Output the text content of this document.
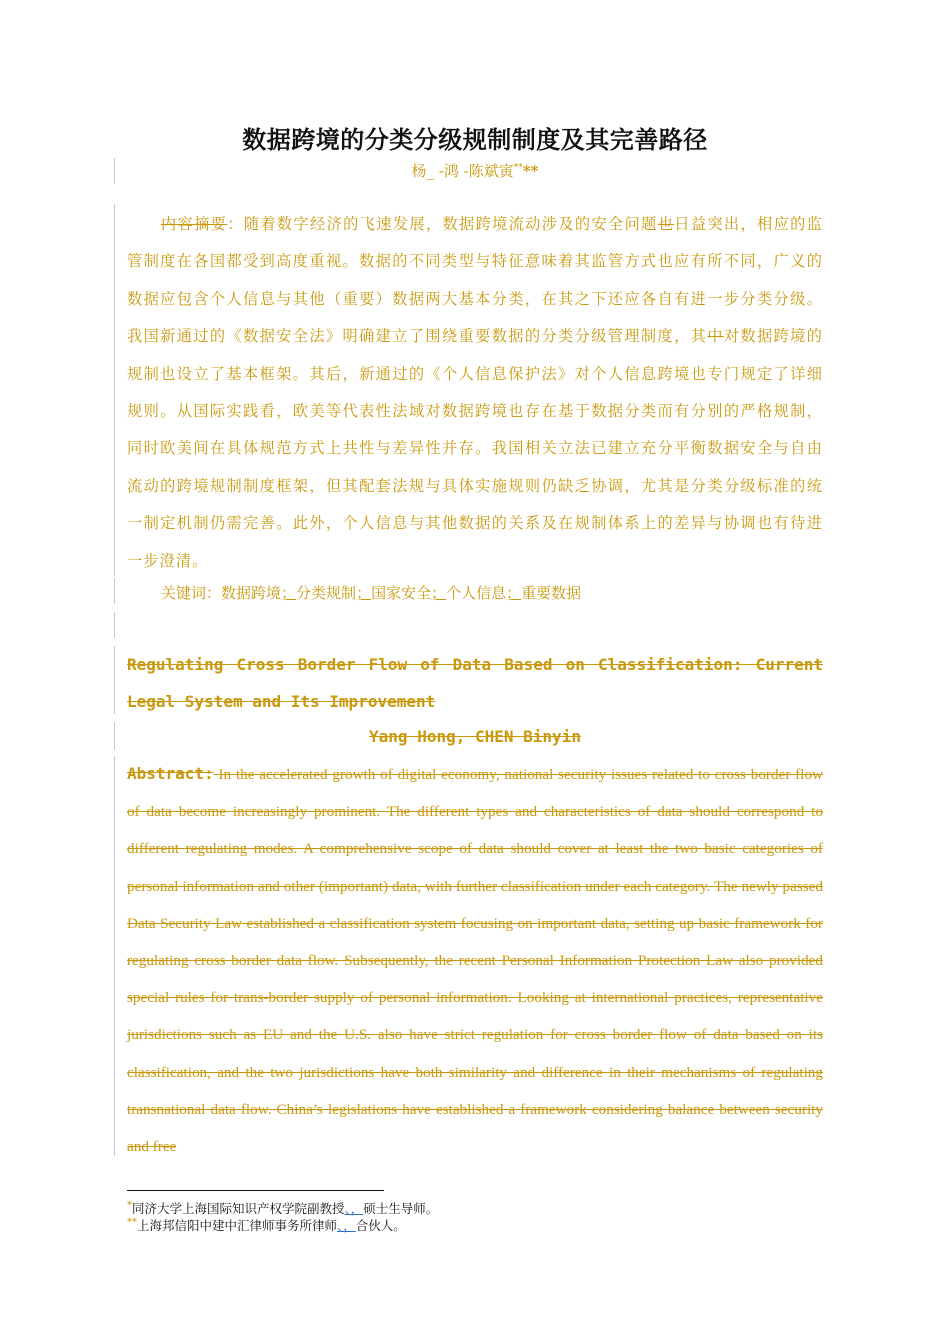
数据跨境的分类分级规制制度及其完善路径
杨_ -鸿 -陈斌寅****
内容摘要：随着数字经济的飞速发展，数据跨境流动涉及的安全问题也日益突出，相应的监管制度在各国都受到高度重视。数据的不同类型与特征意味着其监管方式也应有所不同，广义的数据应包含个人信息与其他（重要）数据两大基本分类，在其之下还应各自有进一步分类分级。我国新通过的《数据安全法》明确建立了围绕重要数据的分类分级管理制度，其中对数据跨境的规制也设立了基本框架。其后，新通过的《个人信息保护法》对个人信息跨境也专门规定了详细规则。从国际实践看，欧美等代表性法域对数据跨境也存在基于数据分类而有分别的严格规制，同时欧美间在具体规范方式上共性与差异性并存。我国相关立法已建立充分平衡数据安全与自由流动的跨境规制制度框架，但其配套法规与具体实施规则仍缺乏协调，尤其是分类分级标准的统一制定机制仍需完善。此外，个人信息与其他数据的关系及在规制体系上的差异与协调也有待进一步澄清。
关键词：数据跨境；分类规制；国家安全；个人信息；重要数据
Regulating Cross Border Flow of Data Based on Classification: Current Legal System and Its Improvement
Yang Hong, CHEN Binyin
Abstract: In the accelerated growth of digital economy, national security issues related to cross border flow of data become increasingly prominent. The different types and characteristics of data should correspond to different regulating modes. A comprehensive scope of data should cover at least the two basic categories of personal information and other (important) data, with further classification under each category. The newly passed Data Security Law established a classification system focusing on important data, setting up basic framework for regulating cross border data flow. Subsequently, the recent Personal Information Protection Law also provided special rules for trans-border supply of personal information. Looking at international practices, representative jurisdictions such as EU and the U.S. also have strict regulation for cross border flow of data based on its classification, and the two jurisdictions have both similarity and difference in their mechanisms of regulating transnational data flow. China’s legislations have established a framework considering balance between security and free
*同济大学上海国际知识产权学院副教授、，硕士生导师。
**上海邦信阳中建中汇律师事务所律师、，合伙人。
